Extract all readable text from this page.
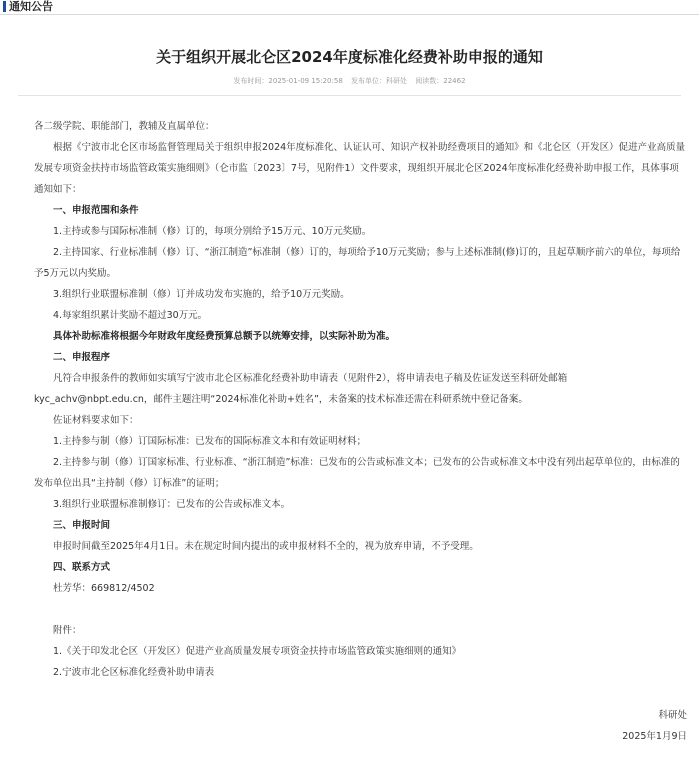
通知公告
关于组织开展北仑区2024年度标准化经费补助申报的通知
发布时间：2025-01-09 15:20:58 发布单位：科研处 阅读数：22462

各二级学院、职能部门，教辅及直属单位：

根据《宁波市北仑区市场监督管理局关于组织申报2024年度标准化、认证认可、知识产权补助经费项目的通知》和《北仑区（开发区）促进产业高质量发展专项资金扶持市场监管政策实施细则》（仑市监〔2023〕7号，见附件1）文件要求，现组织开展北仑区2024年度标准化经费补助申报工作，具体事项通知如下：

一、申报范围和条件

1.主持或参与国际标准制（修）订的，每项分别给予15万元、10万元奖励。

2.主持国家、行业标准制（修）订、“浙江制造”标准制（修）订的，每项给予10万元奖励；参与上述标准制(修)订的，且起草顺序前六的单位，每项给予5万元以内奖励。

3.组织行业联盟标准制（修）订并成功发布实施的，给予10万元奖励。

4.每家组织累计奖励不超过30万元。

具体补助标准将根据今年财政年度经费预算总额予以统筹安排，以实际补助为准。

二、申报程序

凡符合申报条件的教师如实填写宁波市北仑区标准化经费补助申请表（见附件2），将申请表电子稿及佐证发送至科研处邮箱kyc_achv@nbpt.edu.cn，邮件主题注明“2024标准化补助+姓名”，未备案的技术标准还需在科研系统中登记备案。

佐证材料要求如下：

1.主持参与制（修）订国际标准：已发布的国际标准文本和有效证明材料；

2.主持参与制（修）订国家标准、行业标准、“浙江制造”标准：已发布的公告或标准文本；已发布的公告或标准文本中没有列出起草单位的，由标准的发布单位出具“主持制（修）订标准”的证明；

3.组织行业联盟标准制修订：已发布的公告或标准文本。

三、申报时间

申报时间截至2025年4月1日。未在规定时间内提出的或申报材料不全的，视为放弃申请，不予受理。

四、联系方式

杜芳华：669812/4502

附件：

1.《关于印发北仑区（开发区）促进产业高质量发展专项资金扶持市场监管政策实施细则的通知》

2.宁波市北仑区标准化经费补助申请表

科研处
2025年1月9日
